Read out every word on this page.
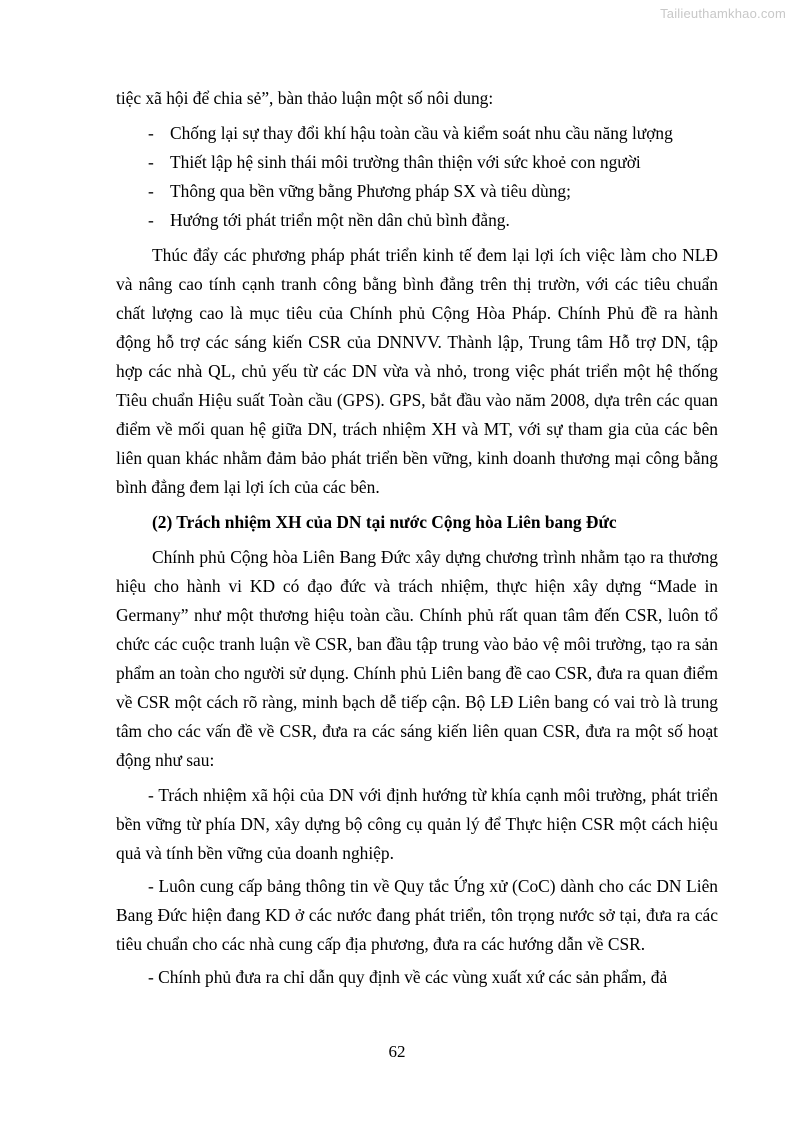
Tailieuthamkhao.com

tiệc xã hội để chia sẻ”, bàn thảo luận một số nôi dung:

- Chống lại sự thay đổi khí hậu toàn cầu và kiểm soát nhu cầu năng lượng
- Thiết lập hệ sinh thái môi trường thân thiện với sức khoẻ con người
- Thông qua bền vững bằng Phương pháp SX và tiêu dùng;
- Hướng tới phát triển một nền dân chủ bình đẳng.

Thúc đẩy các phương pháp phát triển kinh tế đem lại lợi ích việc làm cho NLĐ và nâng cao tính cạnh tranh công bằng bình đẳng trên thị trườn, với các tiêu chuẩn chất lượng cao là mục tiêu của Chính phủ Cộng Hòa Pháp. Chính Phủ đề ra hành động hỗ trợ các sáng kiến CSR của DNNVV. Thành lập, Trung tâm Hỗ trợ DN, tập hợp các nhà QL, chủ yếu từ các DN vừa và nhỏ, trong việc phát triển một hệ thống Tiêu chuẩn Hiệu suất Toàn cầu (GPS). GPS, bắt đầu vào năm 2008, dựa trên các quan điểm về mối quan hệ giữa DN, trách nhiệm XH và MT, với sự tham gia của các bên liên quan khác nhằm đảm bảo phát triển bền vững, kinh doanh thương mại công bằng bình đẳng đem lại lợi ích của các bên.

(2) Trách nhiệm XH của DN tại nước Cộng hòa Liên bang Đức

Chính phủ Cộng hòa Liên Bang Đức xây dựng chương trình nhằm tạo ra thương hiệu cho hành vi KD có đạo đức và trách nhiệm, thực hiện xây dựng “Made in Germany” như một thương hiệu toàn cầu. Chính phủ rất quan tâm đến CSR, luôn tổ chức các cuộc tranh luận về CSR, ban đầu tập trung vào bảo vệ môi trường, tạo ra sản phẩm an toàn cho người sử dụng. Chính phủ Liên bang đề cao CSR, đưa ra quan điểm về CSR một cách rõ ràng, minh bạch dễ tiếp cận. Bộ LĐ Liên bang có vai trò là trung tâm cho các vấn đề về CSR, đưa ra các sáng kiến liên quan CSR, đưa ra một số hoạt động như sau:

- Trách nhiệm xã hội của DN với định hướng từ khía cạnh môi trường, phát triển bền vững từ phía DN, xây dựng bộ công cụ quản lý để Thực hiện CSR một cách hiệu quả và tính bền vững của doanh nghiệp.

- Luôn cung cấp bảng thông tin về Quy tắc Ứng xử (CoC) dành cho các DN Liên Bang Đức hiện đang KD ở các nước đang phát triển, tôn trọng nước sở tại, đưa ra các tiêu chuẩn cho các nhà cung cấp địa phương, đưa ra các hướng dẫn về CSR.

- Chính phủ đưa ra chỉ dẫn quy định về các vùng xuất xứ các sản phẩm, đả

62
